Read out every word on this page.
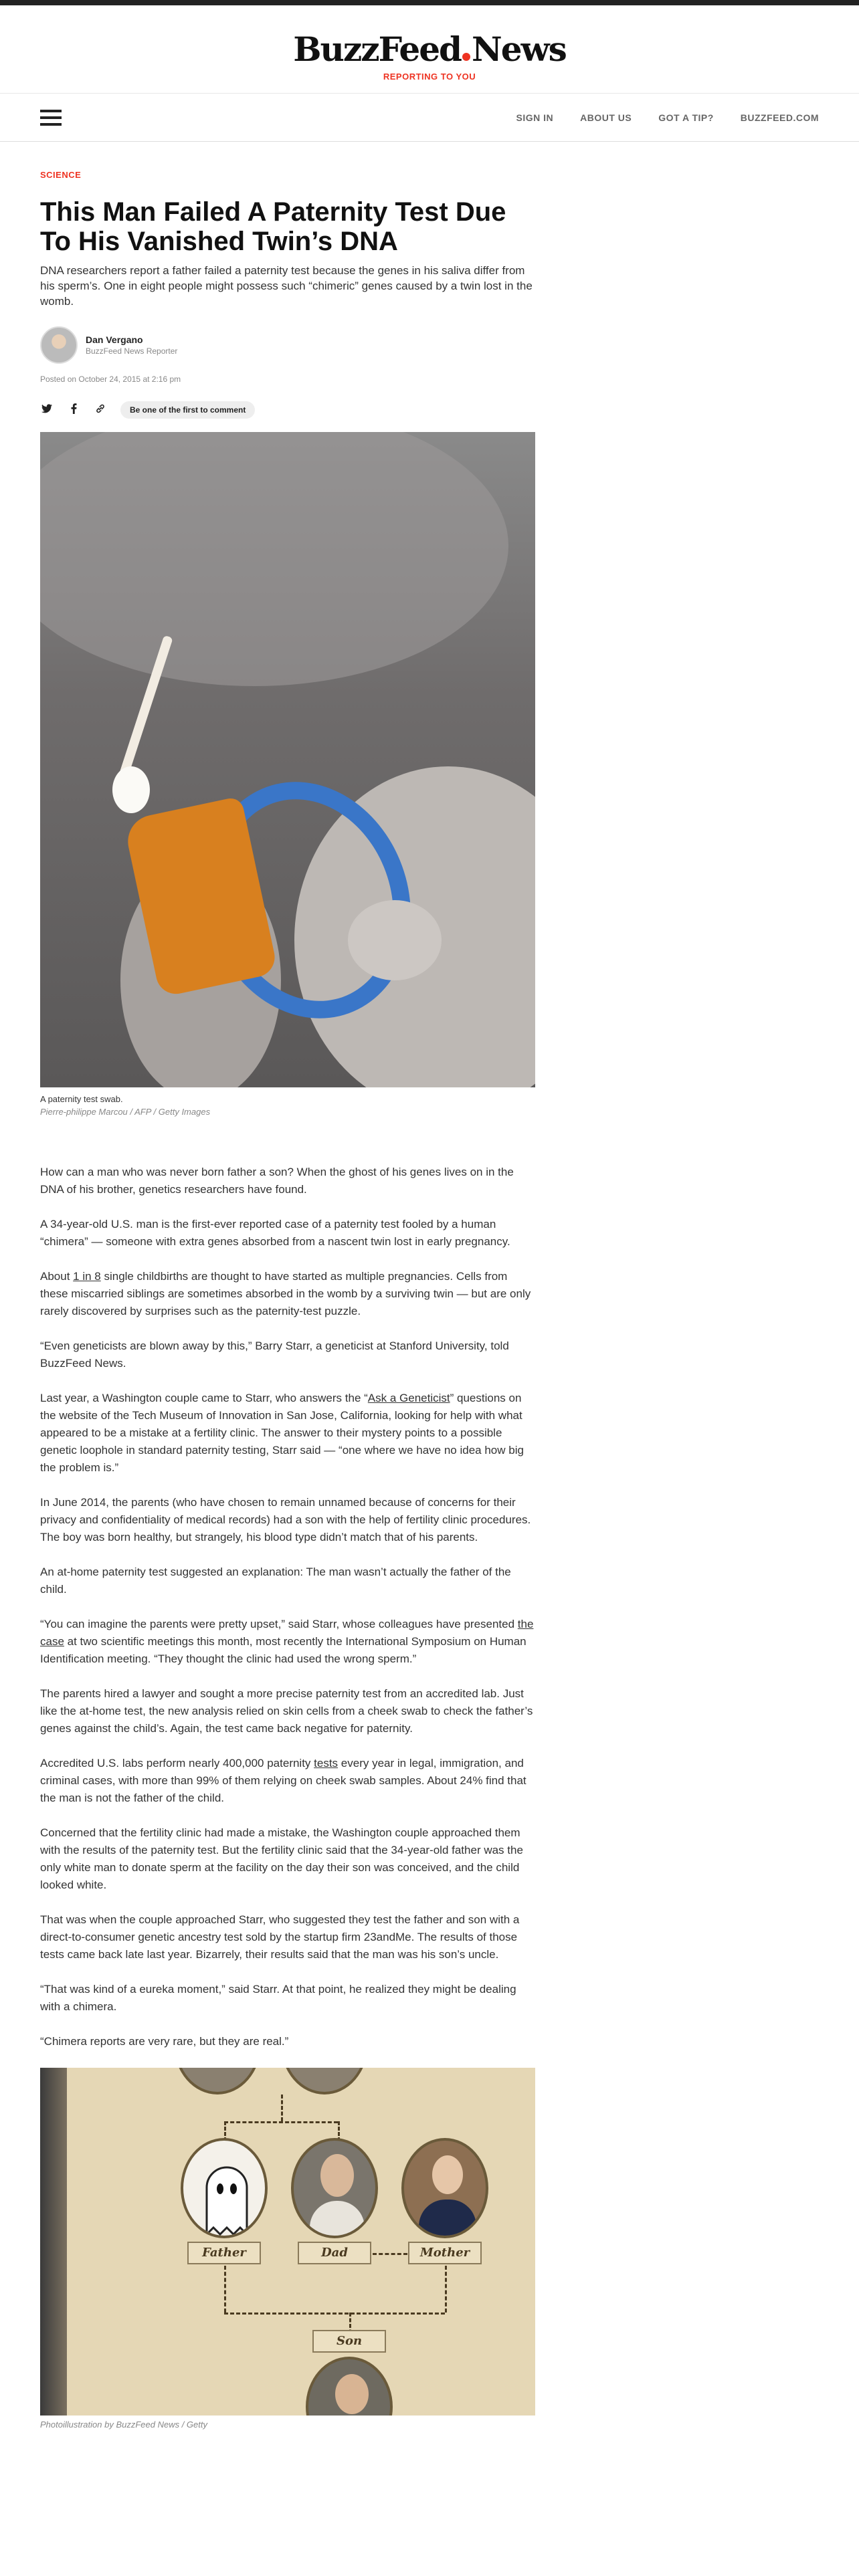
BuzzFeed News
REPORTING TO YOU
SIGN IN	ABOUT US	GOT A TIP?	BUZZFEED.COM
SCIENCE
This Man Failed A Paternity Test Due To His Vanished Twin’s DNA

DNA researchers report a father failed a paternity test because the genes in his saliva differ from his sperm’s. One in eight people might possess such “chimeric” genes caused by a twin lost in the womb.

Dan Vergano
BuzzFeed News Reporter
Posted on October 24, 2015 at 2:16 pm
Be one of the first to comment
A paternity test swab.
Pierre-philippe Marcou / AFP / Getty Images

How can a man who was never born father a son? When the ghost of his genes lives on in the DNA of his brother, genetics researchers have found.

A 34-year-old U.S. man is the first-ever reported case of a paternity test fooled by a human “chimera” — someone with extra genes absorbed from a nascent twin lost in early pregnancy.

About 1 in 8 single childbirths are thought to have started as multiple pregnancies. Cells from these miscarried siblings are sometimes absorbed in the womb by a surviving twin — but are only rarely discovered by surprises such as the paternity-test puzzle.

“Even geneticists are blown away by this,” Barry Starr, a geneticist at Stanford University, told BuzzFeed News.

Last year, a Washington couple came to Starr, who answers the “Ask a Geneticist” questions on the website of the Tech Museum of Innovation in San Jose, California, looking for help with what appeared to be a mistake at a fertility clinic. The answer to their mystery points to a possible genetic loophole in standard paternity testing, Starr said — “one where we have no idea how big the problem is.”

In June 2014, the parents (who have chosen to remain unnamed because of concerns for their privacy and confidentiality of medical records) had a son with the help of fertility clinic procedures. The boy was born healthy, but strangely, his blood type didn’t match that of his parents.

An at-home paternity test suggested an explanation: The man wasn’t actually the father of the child.

“You can imagine the parents were pretty upset,” said Starr, whose colleagues have presented the case at two scientific meetings this month, most recently the International Symposium on Human Identification meeting. “They thought the clinic had used the wrong sperm.”

The parents hired a lawyer and sought a more precise paternity test from an accredited lab. Just like the at-home test, the new analysis relied on skin cells from a cheek swab to check the father’s genes against the child’s. Again, the test came back negative for paternity.

Accredited U.S. labs perform nearly 400,000 paternity tests every year in legal, immigration, and criminal cases, with more than 99% of them relying on cheek swab samples. About 24% find that the man is not the father of the child.

Concerned that the fertility clinic had made a mistake, the Washington couple approached them with the results of the paternity test. But the fertility clinic said that the 34-year-old father was the only white man to donate sperm at the facility on the day their son was conceived, and the child looked white.

That was when the couple approached Starr, who suggested they test the father and son with a direct-to-consumer genetic ancestry test sold by the startup firm 23andMe. The results of those tests came back late last year. Bizarrely, their results said that the man was his son’s uncle.

“That was kind of a eureka moment,” said Starr. At that point, he realized they might be dealing with a chimera.

“Chimera reports are very rare, but they are real.”

Father	Dad	Mother
Son
Photoillustration by BuzzFeed News / Getty
